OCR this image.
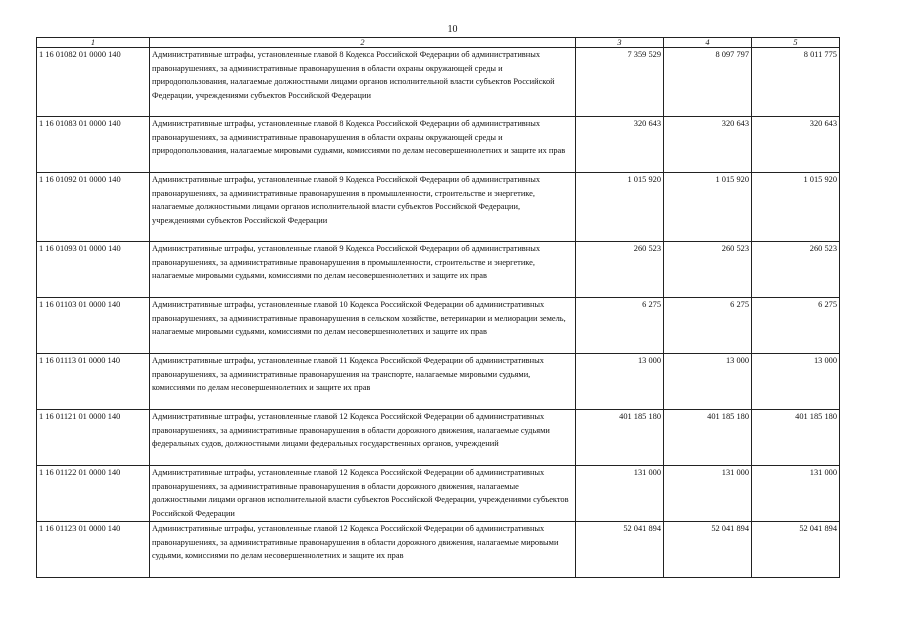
10
1	2	3	4	5
1 16 01082 01 0000 140	Административные штрафы, установленные главой 8 Кодекса Российской Федерации об административных правонарушениях, за административные правонарушения в области охраны окружающей среды и природопользования, налагаемые должностными лицами органов исполнительной власти субъектов Российской Федерации, учреждениями субъектов Российской Федерации	7 359 529	8 097 797	8 011 775
1 16 01083 01 0000 140	Административные штрафы, установленные главой 8 Кодекса Российской Федерации об административных правонарушениях, за административные правонарушения в области охраны окружающей среды и природопользования, налагаемые мировыми судьями, комиссиями по делам несовершеннолетних и защите их прав	320 643	320 643	320 643
1 16 01092 01 0000 140	Административные штрафы, установленные главой 9 Кодекса Российской Федерации об административных правонарушениях, за административные правонарушения в промышленности, строительстве и энергетике, налагаемые должностными лицами органов исполнительной власти субъектов Российской Федерации, учреждениями субъектов Российской Федерации	1 015 920	1 015 920	1 015 920
1 16 01093 01 0000 140	Административные штрафы, установленные главой 9 Кодекса Российской Федерации об административных правонарушениях, за административные правонарушения в промышленности, строительстве и энергетике, налагаемые мировыми судьями, комиссиями по делам несовершеннолетних и защите их прав	260 523	260 523	260 523
1 16 01103 01 0000 140	Административные штрафы, установленные главой 10 Кодекса Российской Федерации об административных правонарушениях, за административные правонарушения в сельском хозяйстве, ветеринарии и мелиорации земель, налагаемые мировыми судьями, комиссиями по делам несовершеннолетних и защите их прав	6 275	6 275	6 275
1 16 01113 01 0000 140	Административные штрафы, установленные главой 11 Кодекса Российской Федерации об административных правонарушениях, за административные правонарушения на транспорте, налагаемые мировыми судьями, комиссиями по делам несовершеннолетних и защите их прав	13 000	13 000	13 000
1 16 01121 01 0000 140	Административные штрафы, установленные главой 12 Кодекса Российской Федерации об административных правонарушениях, за административные правонарушения в области дорожного движения, налагаемые судьями федеральных судов, должностными лицами федеральных государственных органов, учреждений	401 185 180	401 185 180	401 185 180
1 16 01122 01 0000 140	Административные штрафы, установленные главой 12 Кодекса Российской Федерации об административных правонарушениях, за административные правонарушения в области дорожного движения, налагаемые должностными лицами органов исполнительной власти субъектов Российской Федерации, учреждениями субъектов Российской Федерации	131 000	131 000	131 000
1 16 01123 01 0000 140	Административные штрафы, установленные главой 12 Кодекса Российской Федерации об административных правонарушениях, за административные правонарушения в области дорожного движения, налагаемые мировыми судьями, комиссиями по делам несовершеннолетних и защите их прав	52 041 894	52 041 894	52 041 894
